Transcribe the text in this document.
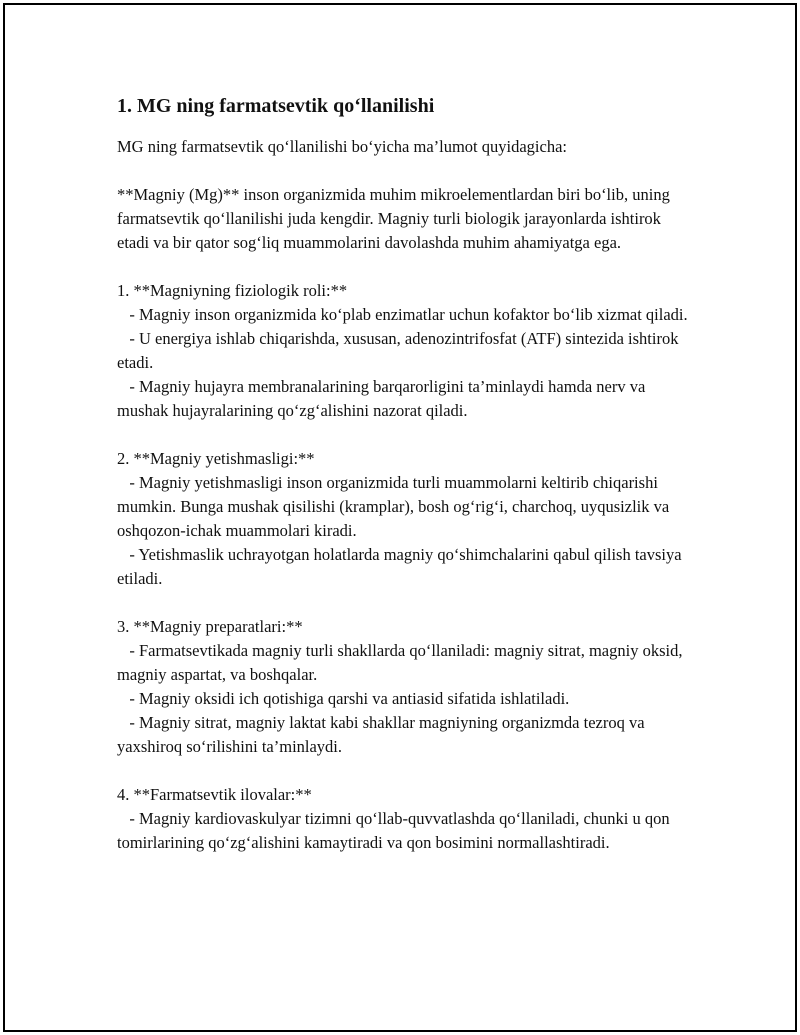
1. MG ning farmatsevtik qo‘llanilishi

MG ning farmatsevtik qo‘llanilishi bo‘yicha ma’lumot quyidagicha:

**Magniy (Mg)** inson organizmida muhim mikroelementlardan biri bo‘lib, uning farmatsevtik qo‘llanilishi juda kengdir. Magniy turli biologik jarayonlarda ishtirok etadi va bir qator sog‘liq muammolarini davolashda muhim ahamiyatga ega.

1. **Magniyning fiziologik roli:**

- Magniy inson organizmida ko‘plab enzimatlar uchun kofaktor bo‘lib xizmat qiladi.

- U energiya ishlab chiqarishda, xususan, adenozintrifosfat (ATF) sintezida ishtirok etadi.

- Magniy hujayra membranalarining barqarorligini ta’minlaydi hamda nerv va mushak hujayralarining qo‘zg‘alishini nazorat qiladi.

2. **Magniy yetishmasligi:**

- Magniy yetishmasligi inson organizmida turli muammolarni keltirib chiqarishi mumkin. Bunga mushak qisilishi (kramplar), bosh og‘rig‘i, charchoq, uyqusizlik va oshqozon-ichak muammolari kiradi.

- Yetishmaslik uchrayotgan holatlarda magniy qo‘shimchalarini qabul qilish tavsiya etiladi.

3. **Magniy preparatlari:**

- Farmatsevtikada magniy turli shakllarda qo‘llaniladi: magniy sitrat, magniy oksid, magniy aspartat, va boshqalar.

- Magniy oksidi ich qotishiga qarshi va antiasid sifatida ishlatiladi.

- Magniy sitrat, magniy laktat kabi shakllar magniyning organizmda tezroq va yaxshiroq so‘rilishini ta’minlaydi.

4. **Farmatsevtik ilovalar:**

- Magniy kardiovaskulyar tizimni qo‘llab-quvvatlashda qo‘llaniladi, chunki u qon tomirlarining qo‘zg‘alishini kamaytiradi va qon bosimini normallashtiradi.
